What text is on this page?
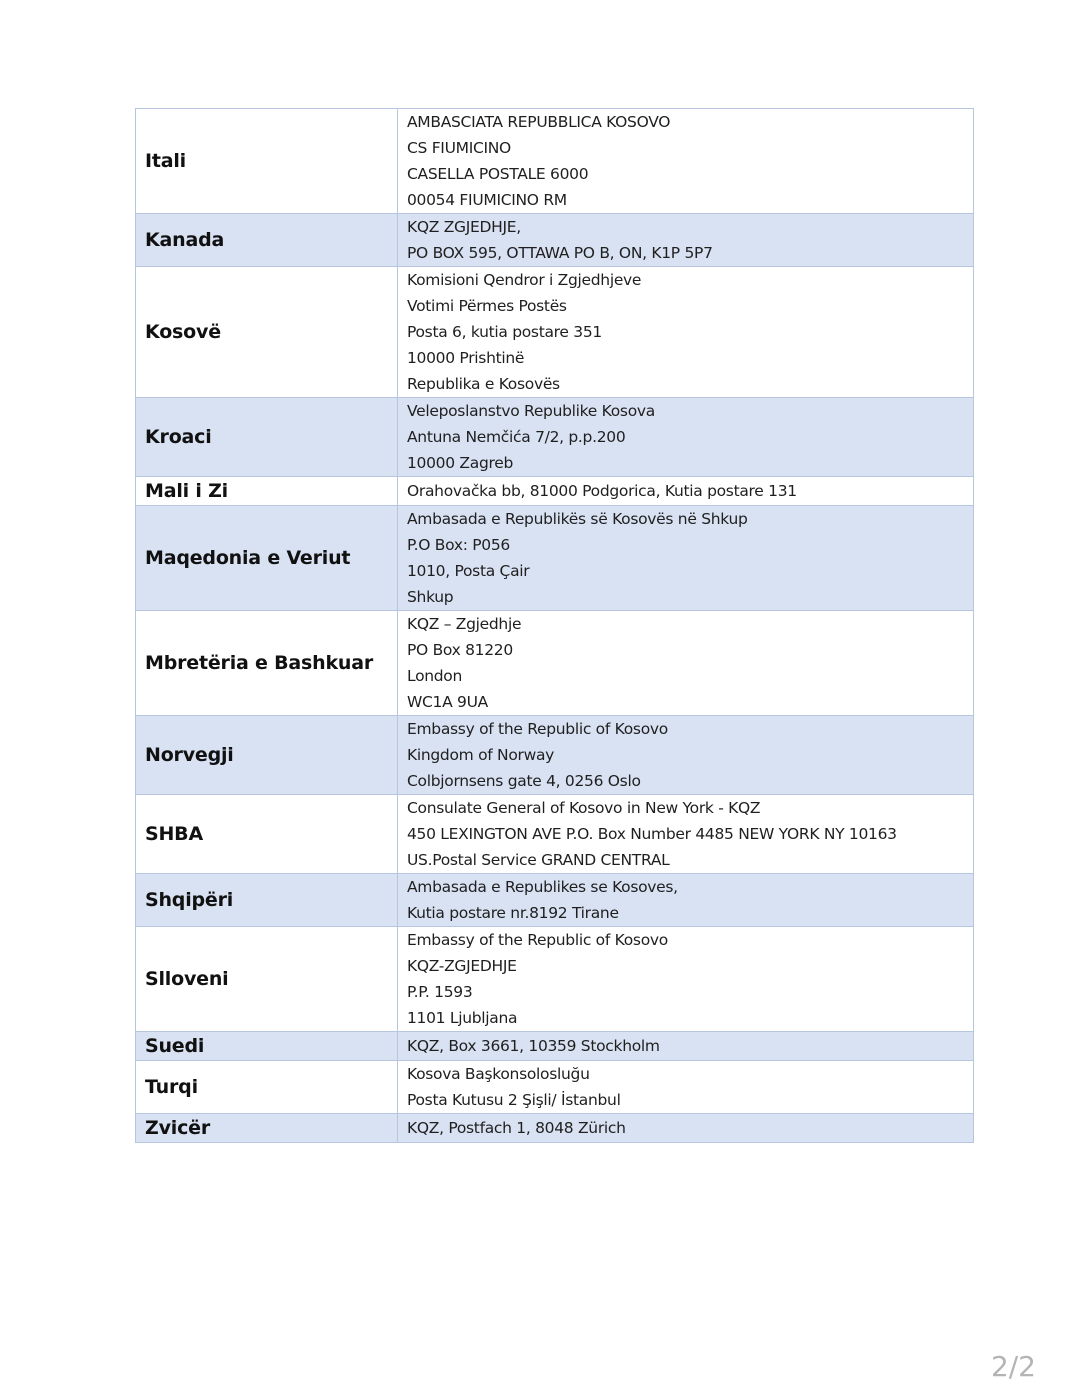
Itali	AMBASCIATA REPUBBLICA KOSOVO
CS FIUMICINO
CASELLA POSTALE 6000
00054 FIUMICINO RM

Kanada	KQZ ZGJEDHJE,
PO BOX 595, OTTAWA PO B, ON, K1P 5P7

Kosovë	Komisioni Qendror i Zgjedhjeve
Votimi Përmes Postës
Posta 6, kutia postare 351
10000 Prishtinë
Republika e Kosovës

Kroaci	Veleposlanstvo Republike Kosova
Antuna Nemčića 7/2, p.p.200
10000 Zagreb

Mali i Zi	Orahovačka bb, 81000 Podgorica, Kutia postare 131

Maqedonia e Veriut	Ambasada e Republikës së Kosovës në Shkup
P.O Box: P056
1010, Posta Çair
Shkup

Mbretëria e Bashkuar	KQZ – Zgjedhje
PO Box 81220
London
WC1A 9UA

Norvegji	Embassy of the Republic of Kosovo
Kingdom of Norway
Colbjornsens gate 4, 0256 Oslo

SHBA	Consulate General of Kosovo in New York - KQZ
450 LEXINGTON AVE P.O. Box Number 4485 NEW YORK NY 10163
US.Postal Service GRAND CENTRAL

Shqipëri	Ambasada e Republikes se Kosoves,
Kutia postare nr.8192 Tirane

Slloveni	Embassy of the Republic of Kosovo
KQZ-ZGJEDHJE
P.P. 1593
1101 Ljubljana

Suedi	KQZ, Box 3661, 10359 Stockholm

Turqi	Kosova Başkonsolosluğu
Posta Kutusu 2 Şişli/ İstanbul

Zvicër	KQZ, Postfach 1, 8048 Zürich
2/2
